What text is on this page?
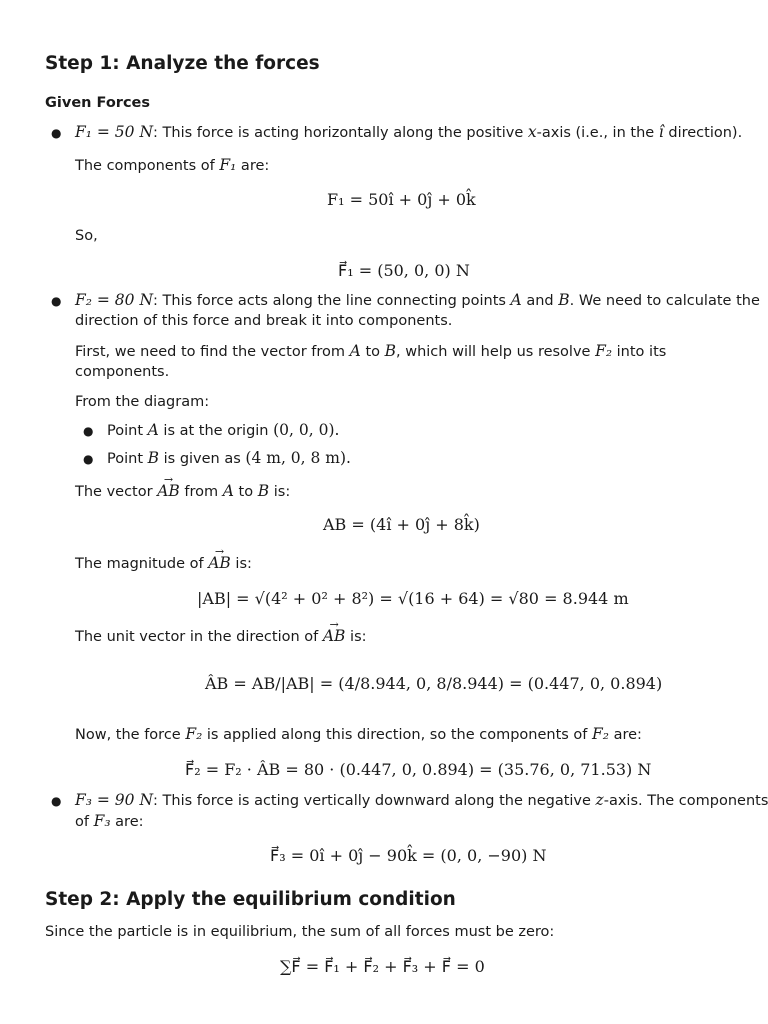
Step 1: Analyze the forces
Given Forces
● F₁ = 50 N: This force is acting horizontally along the positive x-axis (i.e., in the î direction).
The components of F₁ are:
F₁ = 50î + 0ĵ + 0k̂
So,
F⃗₁ = (50, 0, 0) N
● F₂ = 80 N: This force acts along the line connecting points A and B. We need to calculate the
direction of this force and break it into components.
First, we need to find the vector from A to B, which will help us resolve F₂ into its
components.
From the diagram:
● Point A is at the origin (0, 0, 0).
● Point B is given as (4 m, 0, 8 m).
The vector AB → from A to B is:
AB = (4î + 0ĵ + 8k̂)
The magnitude of AB → is:
|AB| = √(4² + 0² + 8²) = √(16 + 64) = √80 = 8.944 m
The unit vector in the direction of AB → is:
ÂB = AB/|AB| = (4/8.944, 0, 8/8.944) = (0.447, 0, 0.894)
Now, the force F₂ is applied along this direction, so the components of F₂ are:
F⃗₂ = F₂ · ÂB = 80 · (0.447, 0, 0.894) = (35.76, 0, 71.53) N
● F₃ = 90 N: This force is acting vertically downward along the negative z-axis. The components
of F₃ are:
F⃗₃ = 0î + 0ĵ − 90k̂ = (0, 0, −90) N
Step 2: Apply the equilibrium condition
Since the particle is in equilibrium, the sum of all forces must be zero:
∑F⃗ = F⃗₁ + F⃗₂ + F⃗₃ + F⃗ = 0
